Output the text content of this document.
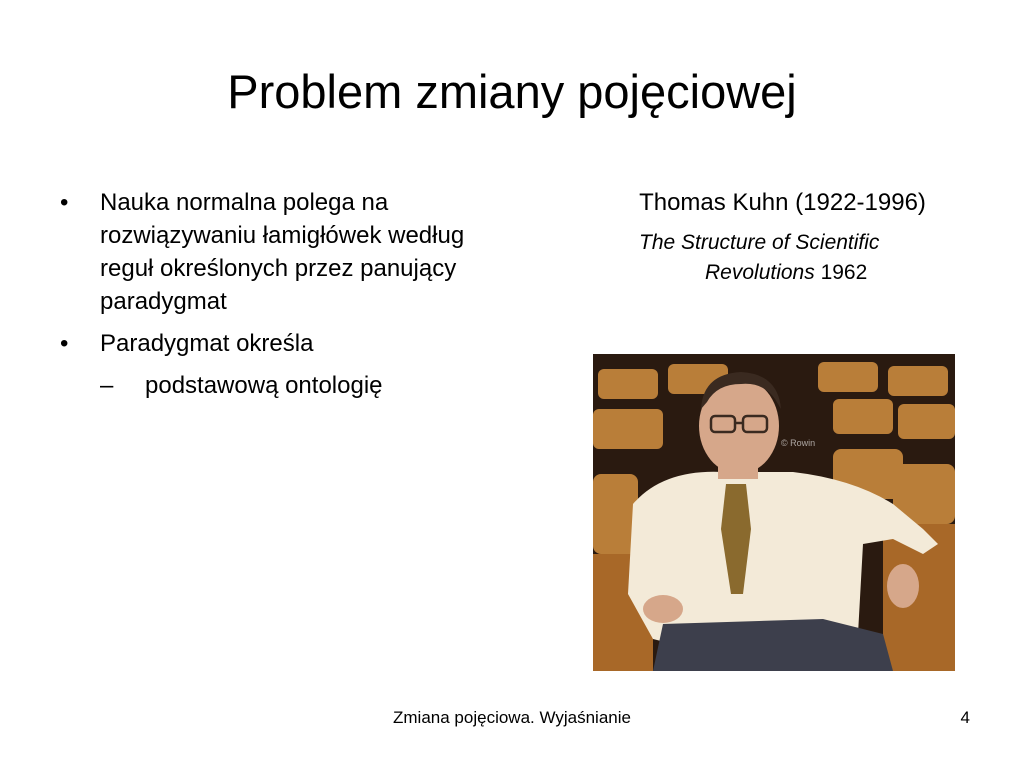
Problem zmiany pojęciowej
•	Nauka normalna polega na rozwiązywaniu łamigłówek według reguł określonych przez panujący paradygmat
•	Paradygmat określa
– podstawową ontologię
Thomas Kuhn (1922-1996)
The Structure of Scientific
Revolutions 1962
© Rowin
Zmiana pojęciowa. Wyjaśnianie	4
